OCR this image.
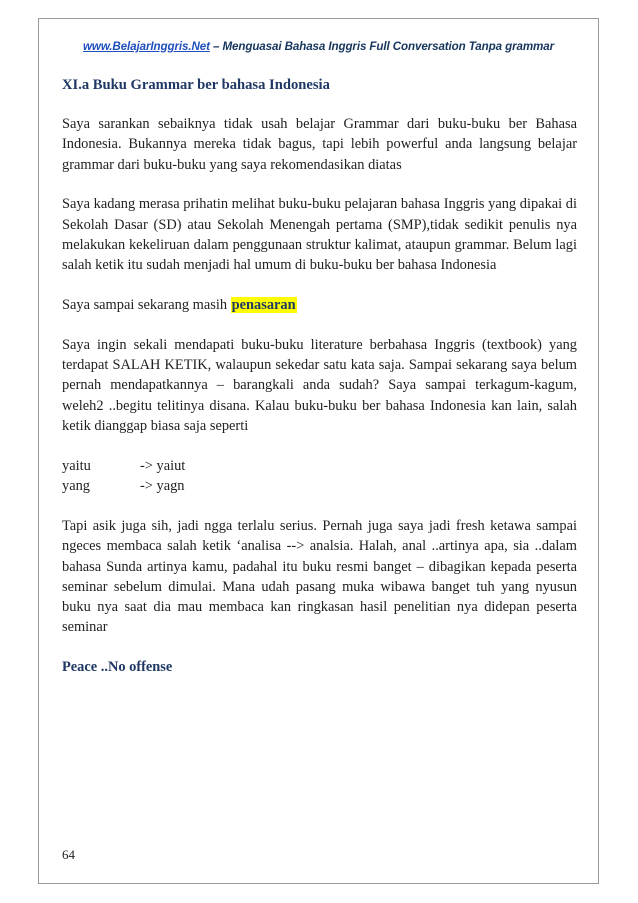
www.BelajarInggris.Net – Menguasai Bahasa Inggris Full Conversation Tanpa grammar
XI.a Buku Grammar ber bahasa Indonesia

Saya sarankan sebaiknya tidak usah belajar Grammar dari buku-buku ber Bahasa Indonesia. Bukannya mereka tidak bagus, tapi lebih powerful anda langsung belajar grammar dari buku-buku yang saya rekomendasikan diatas

Saya kadang merasa prihatin melihat buku-buku pelajaran bahasa Inggris yang dipakai di Sekolah Dasar (SD) atau Sekolah Menengah pertama (SMP),tidak sedikit penulis nya melakukan kekeliruan dalam penggunaan struktur kalimat, ataupun grammar. Belum lagi salah ketik itu sudah menjadi hal umum di buku-buku ber bahasa Indonesia

Saya sampai sekarang masih penasaran

Saya ingin sekali mendapati buku-buku literature berbahasa Inggris (textbook) yang terdapat SALAH KETIK, walaupun sekedar satu kata saja. Sampai sekarang saya belum pernah mendapatkannya – barangkali anda sudah? Saya sampai terkagum-kagum, weleh2 ..begitu telitinya disana. Kalau buku-buku ber bahasa Indonesia kan lain, salah ketik dianggap biasa saja seperti

yaitu	-> yaiut
yang	-> yagn

Tapi asik juga sih, jadi ngga terlalu serius. Pernah juga saya jadi fresh ketawa sampai ngeces membaca salah ketik ‘analisa --> analsia. Halah, anal ..artinya apa, sia ..dalam bahasa Sunda artinya kamu, padahal itu buku resmi banget – dibagikan kepada peserta seminar sebelum dimulai. Mana udah pasang muka wibawa banget tuh yang nyusun buku nya saat dia mau membaca kan ringkasan hasil penelitian nya didepan peserta seminar

Peace ..No offense
64
